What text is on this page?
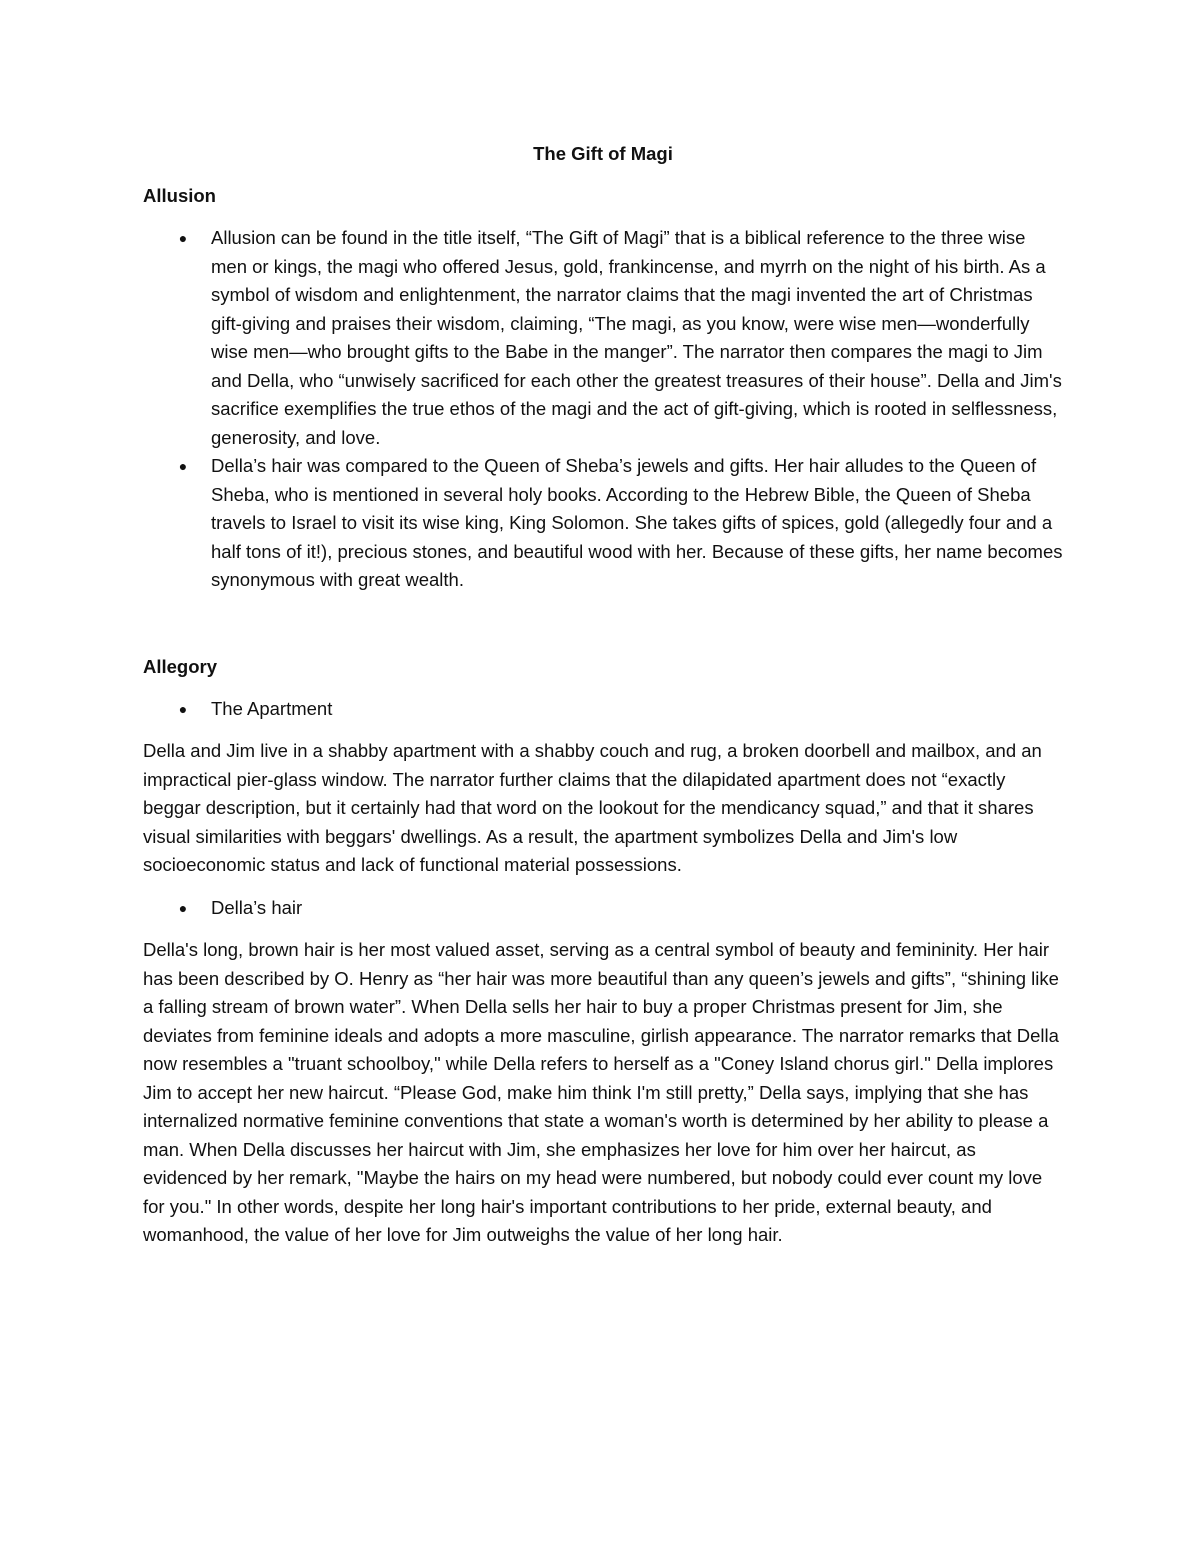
The Gift of Magi
Allusion
●	Allusion can be found in the title itself, “The Gift of Magi” that is a biblical reference to the three wise men or kings, the magi who offered Jesus, gold, frankincense, and myrrh on the night of his birth. As a symbol of wisdom and enlightenment, the narrator claims that the magi invented the art of Christmas gift-giving and praises their wisdom, claiming, “The magi, as you know, were wise men—wonderfully wise men—who brought gifts to the Babe in the manger”. The narrator then compares the magi to Jim and Della, who “unwisely sacrificed for each other the greatest treasures of their house”. Della and Jim's sacrifice exemplifies the true ethos of the magi and the act of gift-giving, which is rooted in selflessness, generosity, and love.
●	Della’s hair was compared to the Queen of Sheba’s jewels and gifts. Her hair alludes to the Queen of Sheba, who is mentioned in several holy books. According to the Hebrew Bible, the Queen of Sheba travels to Israel to visit its wise king, King Solomon. She takes gifts of spices, gold (allegedly four and a half tons of it!), precious stones, and beautiful wood with her. Because of these gifts, her name becomes synonymous with great wealth.
Allegory
●	The Apartment

Della and Jim live in a shabby apartment with a shabby couch and rug, a broken doorbell and mailbox, and an impractical pier-glass window. The narrator further claims that the dilapidated apartment does not “exactly beggar description, but it certainly had that word on the lookout for the mendicancy squad,” and that it shares visual similarities with beggars' dwellings. As a result, the apartment symbolizes Della and Jim's low socioeconomic status and lack of functional material possessions.

●	Della’s hair

Della's long, brown hair is her most valued asset, serving as a central symbol of beauty and femininity. Her hair has been described by O. Henry as “her hair was more beautiful than any queen’s jewels and gifts”, “shining like a falling stream of brown water”. When Della sells her hair to buy a proper Christmas present for Jim, she deviates from feminine ideals and adopts a more masculine, girlish appearance. The narrator remarks that Della now resembles a "truant schoolboy," while Della refers to herself as a "Coney Island chorus girl." Della implores Jim to accept her new haircut. “Please God, make him think I'm still pretty,” Della says, implying that she has internalized normative feminine conventions that state a woman's worth is determined by her ability to please a man. When Della discusses her haircut with Jim, she emphasizes her love for him over her haircut, as evidenced by her remark, "Maybe the hairs on my head were numbered, but nobody could ever count my love for you." In other words, despite her long hair's important contributions to her pride, external beauty, and womanhood, the value of her love for Jim outweighs the value of her long hair.
